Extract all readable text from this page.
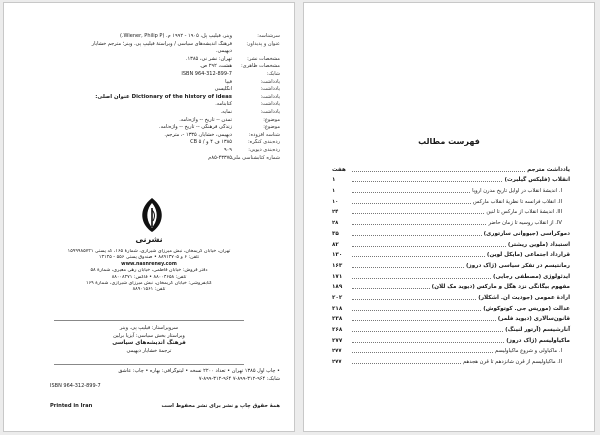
سرشناسه:
وینر، فیلیپ پل، ۱۹۰۵ - ۱۹۹۲ م. (Wiener, Philip P.)
عنوان و پدیدآور:
فرهنگ اندیشه‌های سیاسی / ویراستهٔ فیلیپ پی. وینر؛ مترجم خشایار
دیهیمی.
مشخصات نشر:
تهران: نشر نی، ۱۳۸۵.
مشخصات ظاهری:
هشت، ۲۹۲ ص.
شابک:
ISBN 964-312-899-7
یادداشت:
فیپا
یادداشت:
انگلیسی
یادداشت:
Dictionary of the history of ideas عنوان اصلی:
یادداشت:
کتابنامه.
یادداشت:
نمایه.
موضوع:
تمدن -- تاریخ -- واژه‌نامه.
موضوع:
زندگی فرهنگی -- تاریخ -- واژه‌نامه.
شناسه افزوده:
دیهیمی، خشایار، ۱۳۳۵ -، مترجم.
رده‌بندی کنگره:
۱۳۸۵ ف ۴ و / CB ۵
رده‌بندی دیویی:
۹۰۹
شماره کتابشناسی ملی:
۸۵-۴۳۳۷۵م
نشرنی
تهران، خیابان کریمخان، نبش میرزای شیرازی، شمارهٔ ۱۶۵، کد پستی ۱۵۹۹۹۸۵۷۲۱
تلفن: ۶ و ۸۸۹۱۳۷۰۵ • صندوق پستی ۵۵۶ - ۱۳۱۴۵
www.nashreney.com
دفتر فروش: خیابان فاطمی، خیابان رهی معیری، شمارهٔ ۵۸
تلفن: ۸۸۰۰۴۶۵۸ • فاکس: ۸۸۰۰۸۲۷۱
کتابفروشی: خیابان کریمخان، نبش میرزای شیرازی، شمارهٔ ۱۶۹
تلفن: ۸۸۹۰۱۵۶۱
سرویراستار: فیلیپ پی. وینر
ویراستار بخش سیاسی: آیزیا برلین
فرهنگ اندیشه‌های سیاسی
ترجمهٔ خشایار دیهیمی
• چاپ اول ۱۳۸۵ تهران • تعداد ۲۲۰۰ نسخه • لیتوگرافی: بهاره • چاپ: عاشق
شابک: ۹۶۴-۳۱۲-۸۹۹-۷ ۹۶۴-۳۱۲-۸۹۹-۷
ISBN 964-312-899-7
Printed in Iran	همهٔ حقوق چاپ و نشر برای نشر محفوظ است
فهرست مطالب
یادداشت مترجم
هفت
انقلاب (فلیکس گیلبرت)
۱
I. اندیشهٔ انقلاب در اوایل تاریخ مدرن اروپا
۱
II. انقلاب فرانسه تا نظریهٔ انقلاب مارکس
۱۰
III. اندیشهٔ انقلاب از مارکس تا لنین
۲۴
IV. از انقلاب روسیه تا زمان حاضر
۲۸
دموکراسی (جیووانی سارتوری)
۳۵
استبداد (ملوین ریشتر)
۸۲
قرارداد اجتماعی (مایکل لوین)
۱۳۰
رمانتیسم در تفکر سیاسی (ژاک دروز)
۱۶۳
ایدئولوژی (مصطفی رجایی)
۱۷۱
مفهوم بیگانگی نزد هگل و مارکس (دیوید مک للان)
۱۸۹
ارادهٔ عمومی (جودیت ان. اشکلار)
۲۰۲
عدالت (موریس جی. کوتوکوش)
۲۱۸
قانون‌سالاری (دیوید فلمر)
۲۳۸
آنارشیسم (آرتور لنینگ)
۲۶۸
ماکیاولیسم (ژاک دروز)
۲۷۷
I. ماکیاولی و شروع ماکیاولیسم
۲۷۷
II. ماکیاولیسم از قرن شانزدهم تا قرن هجدهم
۲۷۷
